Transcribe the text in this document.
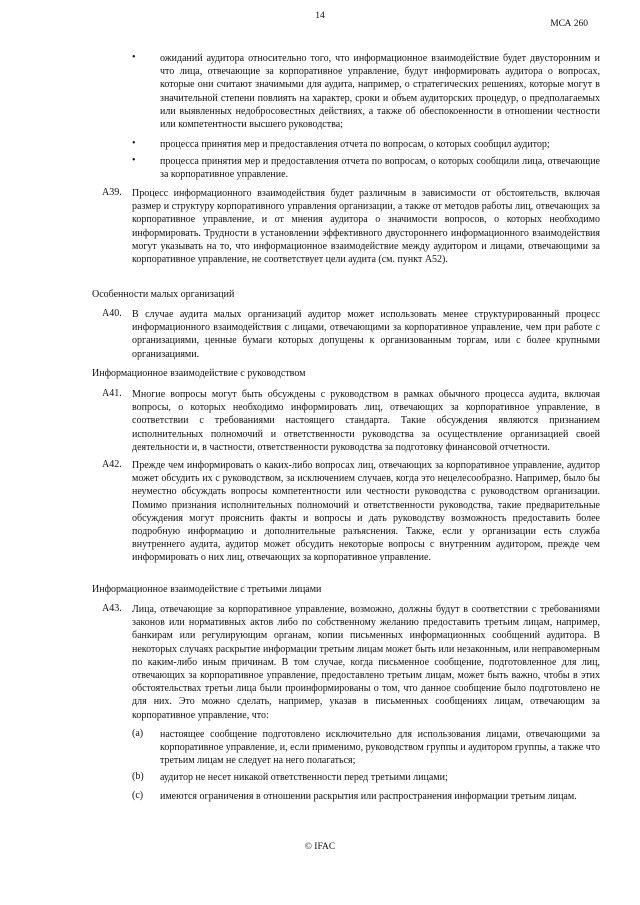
14
МСА 260
• ожиданий аудитора относительно того, что информационное взаимодействие будет двусторонним и что лица, отвечающие за корпоративное управление, будут информировать аудитора о вопросах, которые они считают значимыми для аудита, например, о стратегических решениях, которые могут в значительной степени повлиять на характер, сроки и объем аудиторских процедур, о предполагаемых или выявленных недобросовестных действиях, а также об обеспокоенности в отношении честности или компетентности высшего руководства;

• процесса принятия мер и предоставления отчета по вопросам, о которых сообщил аудитор;

• процесса принятия мер и предоставления отчета по вопросам, о которых сообщили лица, отвечающие за корпоративное управление.

A39. Процесс информационного взаимодействия будет различным в зависимости от обстоятельств, включая размер и структуру корпоративного управления организации, а также от методов работы лиц, отвечающих за корпоративное управление, и от мнения аудитора о значимости вопросов, о которых необходимо информировать. Трудности в установлении эффективного двустороннего информационного взаимодействия могут указывать на то, что информационное взаимодействие между аудитором и лицами, отвечающими за корпоративное управление, не соответствует цели аудита (см. пункт A52).

Особенности малых организаций
A40. В случае аудита малых организаций аудитор может использовать менее структурированный процесс информационного взаимодействия с лицами, отвечающими за корпоративное управление, чем при работе с организациями, ценные бумаги которых допущены к организованным торгам, или с более крупными организациями.

Информационное взаимодействие с руководством
A41. Многие вопросы могут быть обсуждены с руководством в рамках обычного процесса аудита, включая вопросы, о которых необходимо информировать лиц, отвечающих за корпоративное управление, в соответствии с требованиями настоящего стандарта. Такие обсуждения являются признанием исполнительных полномочий и ответственности руководства за осуществление организацией своей деятельности и, в частности, ответственности руководства за подготовку финансовой отчетности.

A42. Прежде чем информировать о каких-либо вопросах лиц, отвечающих за корпоративное управление, аудитор может обсудить их с руководством, за исключением случаев, когда это нецелесообразно. Например, было бы неуместно обсуждать вопросы компетентности или честности руководства с руководством организации. Помимо признания исполнительных полномочий и ответственности руководства, такие предварительные обсуждения могут прояснить факты и вопросы и дать руководству возможность предоставить более подробную информацию и дополнительные разъяснения. Также, если у организации есть служба внутреннего аудита, аудитор может обсудить некоторые вопросы с внутренним аудитором, прежде чем информировать о них лиц, отвечающих за корпоративное управление.

Информационное взаимодействие с третьими лицами
A43. Лица, отвечающие за корпоративное управление, возможно, должны будут в соответствии с требованиями законов или нормативных актов либо по собственному желанию предоставить третьим лицам, например, банкирам или регулирующим органам, копии письменных информационных сообщений аудитора. В некоторых случаях раскрытие информации третьим лицам может быть или незаконным, или неправомерным по каким-либо иным причинам. В том случае, когда письменное сообщение, подготовленное для лиц, отвечающих за корпоративное управление, предоставлено третьим лицам, может быть важно, чтобы в этих обстоятельствах третьи лица были проинформированы о том, что данное сообщение было подготовлено не для них. Это можно сделать, например, указав в письменных сообщениях лицам, отвечающим за корпоративное управление, что:

(a) настоящее сообщение подготовлено исключительно для использования лицами, отвечающими за корпоративное управление, и, если применимо, руководством группы и аудитором группы, а также что третьим лицам не следует на него полагаться;

(b) аудитор не несет никакой ответственности перед третьими лицами;

(c) имеются ограничения в отношении раскрытия или распространения информации третьим лицам.

© IFAC
